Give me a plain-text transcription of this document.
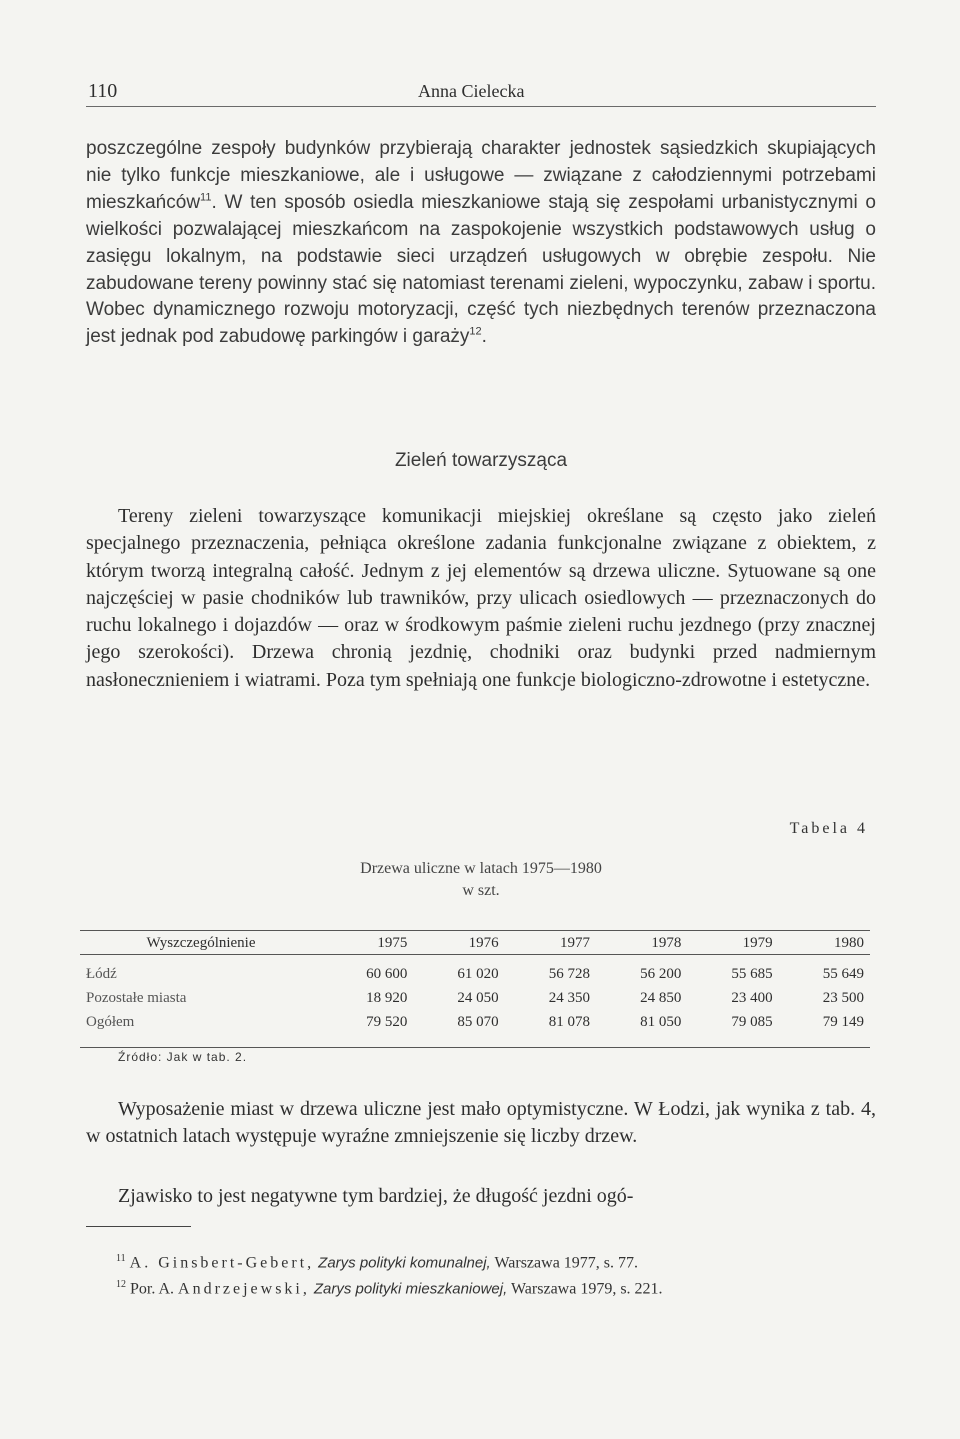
110	Anna Cielecka

poszczególne zespoły budynków przybierają charakter jednostek sąsiedzkich skupiających nie tylko funkcje mieszkaniowe, ale i usługowe — związane z całodziennymi potrzebami mieszkańców$^{11}$. W ten sposób osiedla mieszkaniowe stają się zespołami urbanistycznymi o wielkości pozwalającej mieszkańcom na zaspokojenie wszystkich podstawowych usług o zasięgu lokalnym, na podstawie sieci urządzeń usługowych w obrębie zespołu. Nie zabudowane tereny powinny stać się natomiast terenami zieleni, wypoczynku, zabaw i sportu. Wobec dynamicznego rozwoju motoryzacji, część tych niezbędnych terenów przeznaczona jest jednak pod zabudowę parkingów i garaży$^{12}$.

Zieleń towarzysząca

Tereny zieleni towarzyszące komunikacji miejskiej określane są często jako zieleń specjalnego przeznaczenia, pełniąca określone zadania funkcjonalne związane z obiektem, z którym tworzą integralną całość. Jednym z jej elementów są drzewa uliczne. Sytuowane są one najczęściej w pasie chodników lub trawników, przy ulicach osiedlowych — przeznaczonych do ruchu lokalnego i dojazdów — oraz w środkowym paśmie zieleni ruchu jezdnego (przy znacznej jego szerokości). Drzewa chronią jezdnię, chodniki oraz budynki przed nadmiernym nasłonecznieniem i wiatrami. Poza tym spełniają one funkcje biologiczno-zdrowotne i estetyczne.

Tabela 4
Drzewa uliczne w latach 1975—1980
w szt.
Wyszczególnienie	1975	1976	1977	1978	1979	1980
Łódź	60 600	61 020	56 728	56 200	55 685	55 649
Pozostałe miasta	18 920	24 050	24 350	24 850	23 400	23 500
Ogółem	79 520	85 070	81 078	81 050	79 085	79 149
Źródło: Jak w tab. 2.

Wyposażenie miast w drzewa uliczne jest mało optymistyczne. W Łodzi, jak wynika z tab. 4, w ostatnich latach występuje wyraźne zmniejszenie się liczby drzew.

Zjawisko to jest negatywne tym bardziej, że długość jezdni ogó-

$^{11}$ A. Ginsbert-Gebert, Zarys polityki komunalnej, Warszawa 1977, s. 77.

$^{12}$ Por. A. Andrzejewski, Zarys polityki mieszkaniowej, Warszawa 1979, s. 221.
